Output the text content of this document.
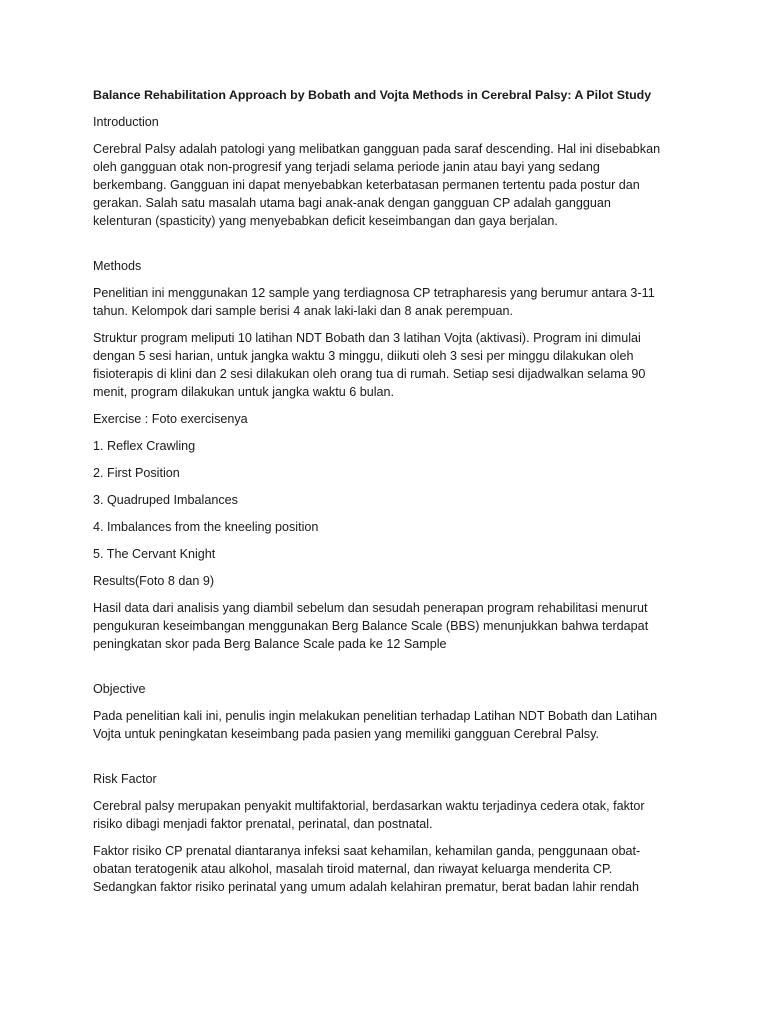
Balance Rehabilitation Approach by Bobath and Vojta Methods in Cerebral Palsy: A Pilot Study

Introduction

Cerebral Palsy adalah patologi yang melibatkan gangguan pada saraf descending. Hal ini disebabkan oleh gangguan otak non-progresif yang terjadi selama periode janin atau bayi yang sedang berkembang. Gangguan ini dapat menyebabkan keterbatasan permanen tertentu pada postur dan gerakan. Salah satu masalah utama bagi anak-anak dengan gangguan CP adalah gangguan kelenturan (spasticity) yang menyebabkan deficit keseimbangan dan gaya berjalan.

Methods

Penelitian ini menggunakan 12 sample yang terdiagnosa CP tetrapharesis yang berumur antara 3-11 tahun. Kelompok dari sample berisi 4 anak laki-laki dan 8 anak perempuan.

Struktur program meliputi 10 latihan NDT Bobath dan 3 latihan Vojta (aktivasi). Program ini dimulai dengan 5 sesi harian, untuk jangka waktu 3 minggu, diikuti oleh 3 sesi per minggu dilakukan oleh fisioterapis di klini dan 2 sesi dilakukan oleh orang tua di rumah. Setiap sesi dijadwalkan selama 90 menit, program dilakukan untuk jangka waktu 6 bulan.

Exercise : Foto exercisenya

1. Reflex Crawling

2. First Position

3. Quadruped Imbalances

4. Imbalances from the kneeling position

5. The Cervant Knight

Results(Foto 8 dan 9)

Hasil data dari analisis yang diambil sebelum dan sesudah penerapan program rehabilitasi menurut pengukuran keseimbangan menggunakan Berg Balance Scale (BBS) menunjukkan bahwa terdapat peningkatan skor pada Berg Balance Scale pada ke 12 Sample

Objective

Pada penelitian kali ini, penulis ingin melakukan penelitian terhadap Latihan NDT Bobath dan Latihan Vojta untuk peningkatan keseimbang pada pasien yang memiliki gangguan Cerebral Palsy.

Risk Factor

Cerebral palsy merupakan penyakit multifaktorial, berdasarkan waktu terjadinya cedera otak, faktor risiko dibagi menjadi faktor prenatal, perinatal, dan postnatal.

Faktor risiko CP prenatal diantaranya infeksi saat kehamilan, kehamilan ganda, penggunaan obat-obatan teratogenik atau alkohol, masalah tiroid maternal, dan riwayat keluarga menderita CP. Sedangkan faktor risiko perinatal yang umum adalah kelahiran prematur, berat badan lahir rendah
